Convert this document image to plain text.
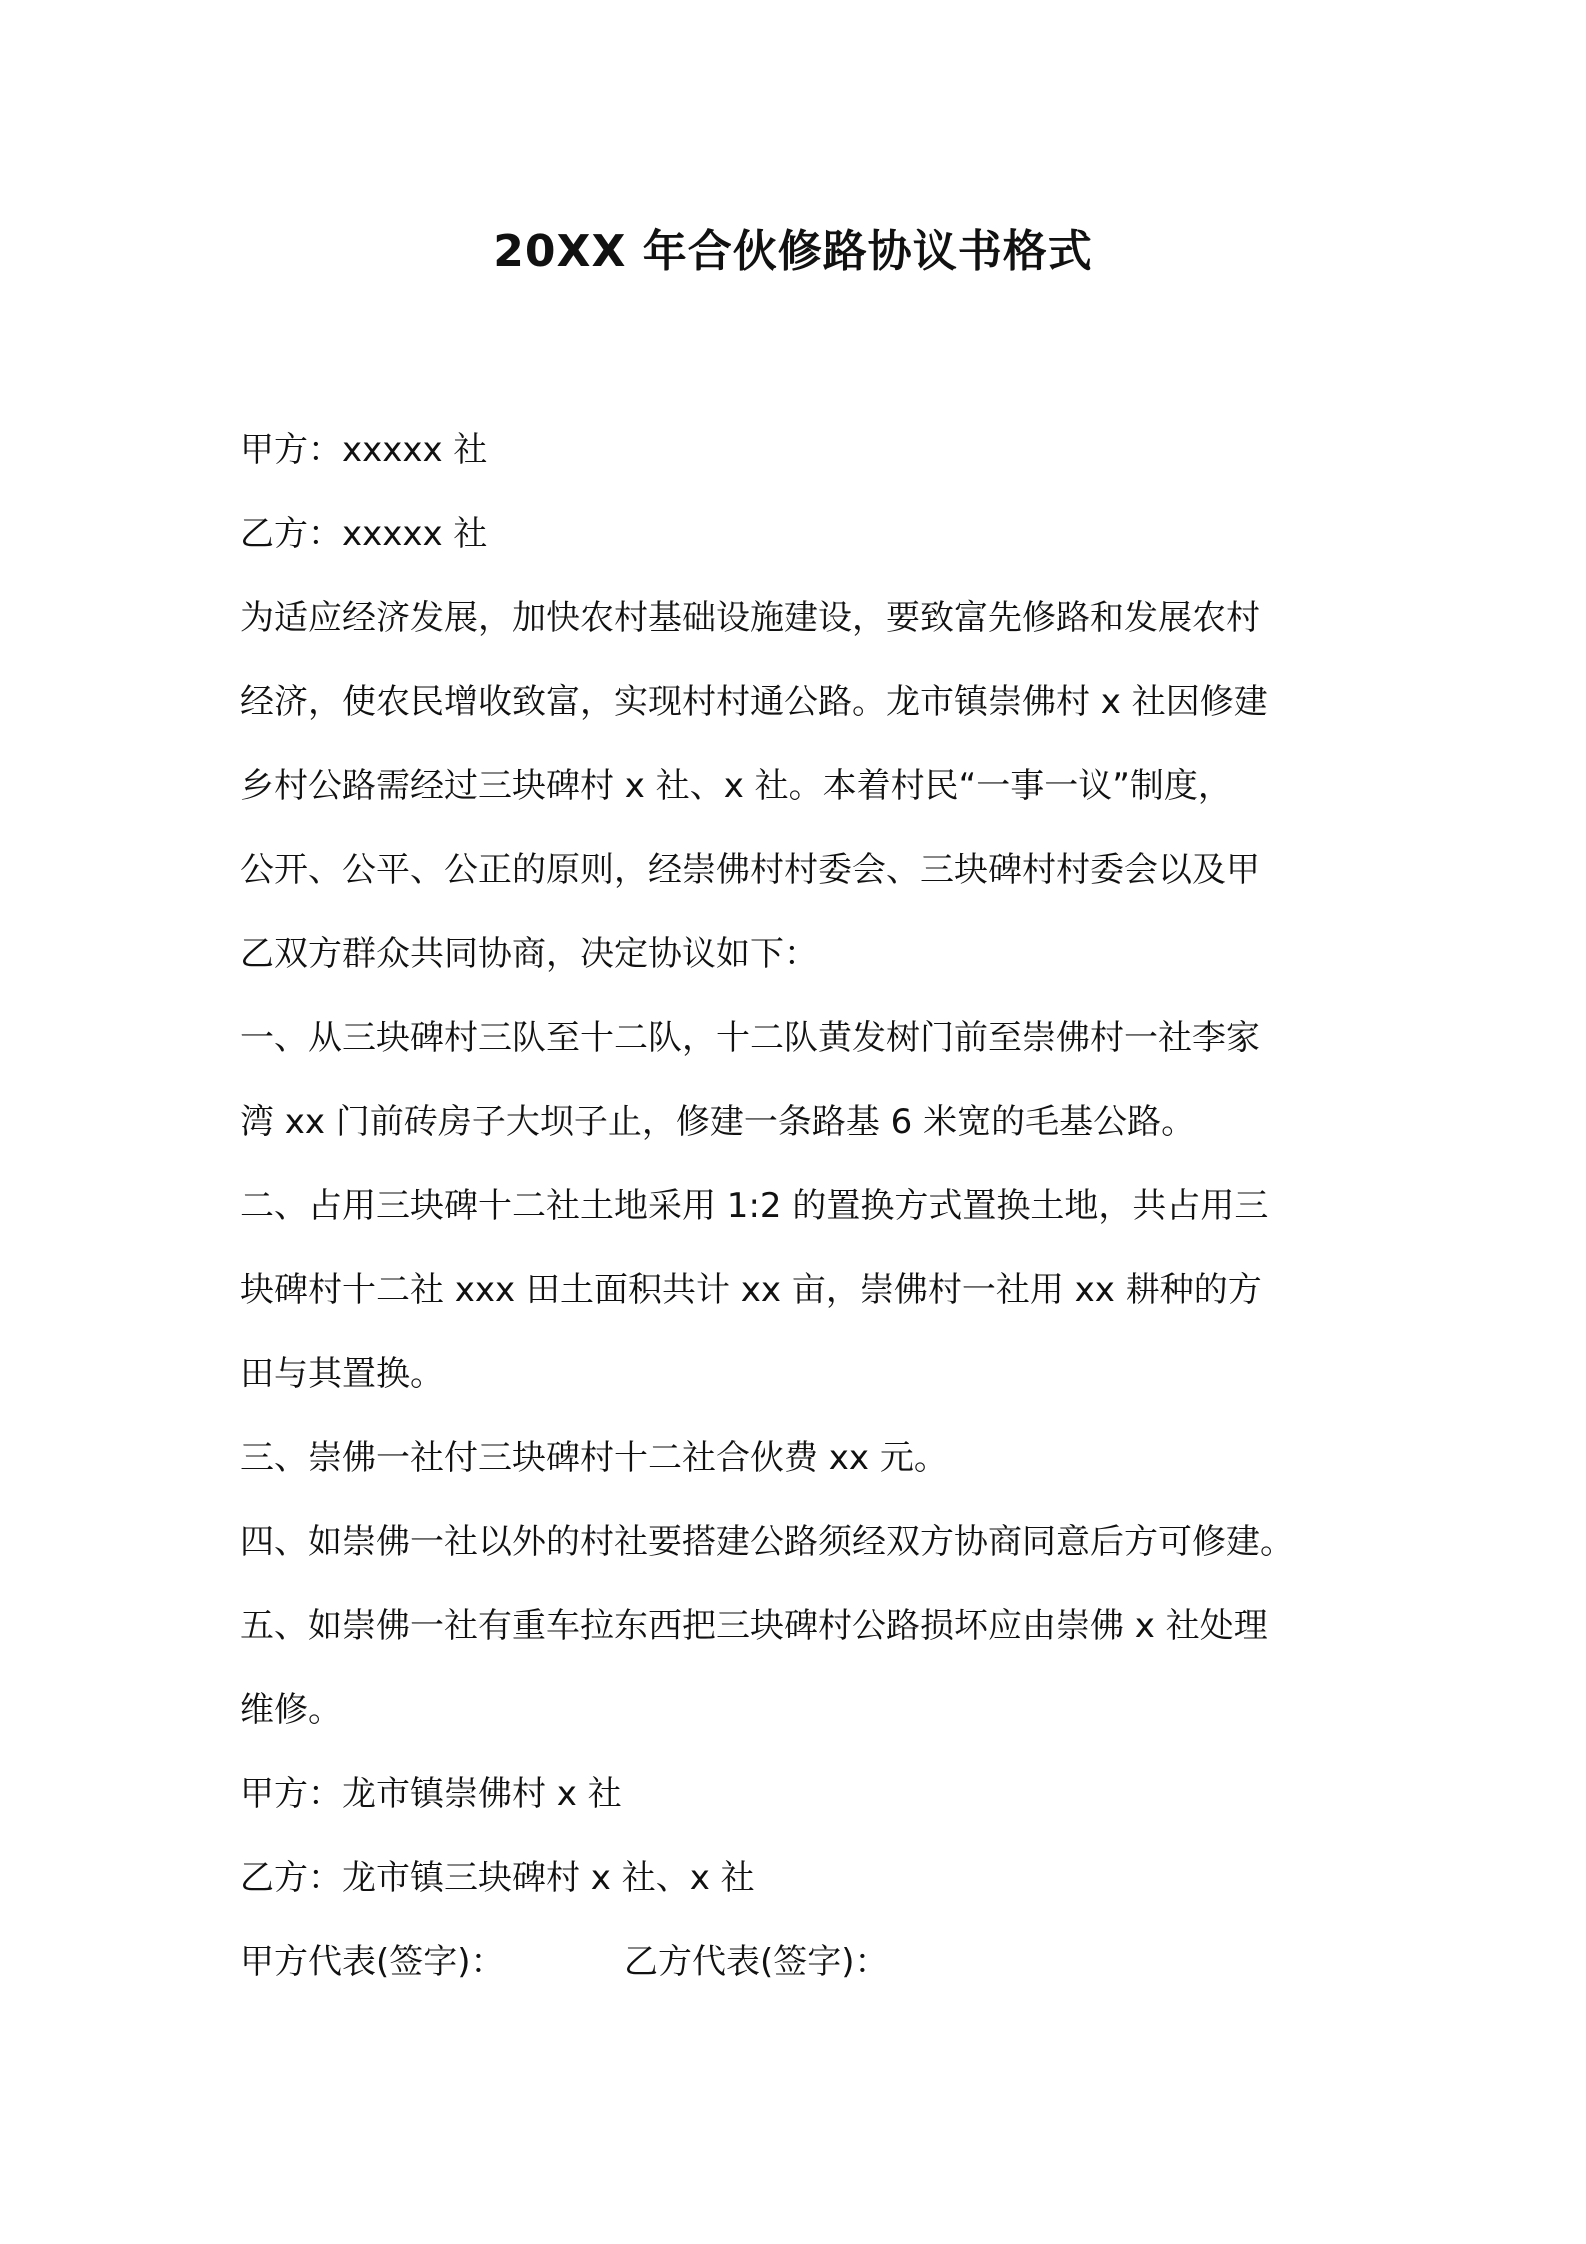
20XX 年合伙修路协议书格式

甲方：xxxxx 社

乙方：xxxxx 社

为适应经济发展，加快农村基础设施建设，要致富先修路和发展农村

经济，使农民增收致富，实现村村通公路。龙市镇崇佛村 x 社因修建

乡村公路需经过三块碑村 x 社、x 社。本着村民“一事一议”制度，

公开、公平、公正的原则，经崇佛村村委会、三块碑村村委会以及甲

乙双方群众共同协商，决定协议如下：

一、从三块碑村三队至十二队，十二队黄发树门前至崇佛村一社李家

湾 xx 门前砖房子大坝子止，修建一条路基 6 米宽的毛基公路。

二、占用三块碑十二社土地采用 1:2 的置换方式置换土地，共占用三

块碑村十二社 xxx 田土面积共计 xx 亩，崇佛村一社用 xx 耕种的方

田与其置换。

三、崇佛一社付三块碑村十二社合伙费 xx 元。

四、如崇佛一社以外的村社要搭建公路须经双方协商同意后方可修建。

五、如崇佛一社有重车拉东西把三块碑村公路损坏应由崇佛 x 社处理

维修。

甲方：龙市镇崇佛村 x 社

乙方：龙市镇三块碑村 x 社、x 社

甲方代表(签字)：	乙方代表(签字)：
